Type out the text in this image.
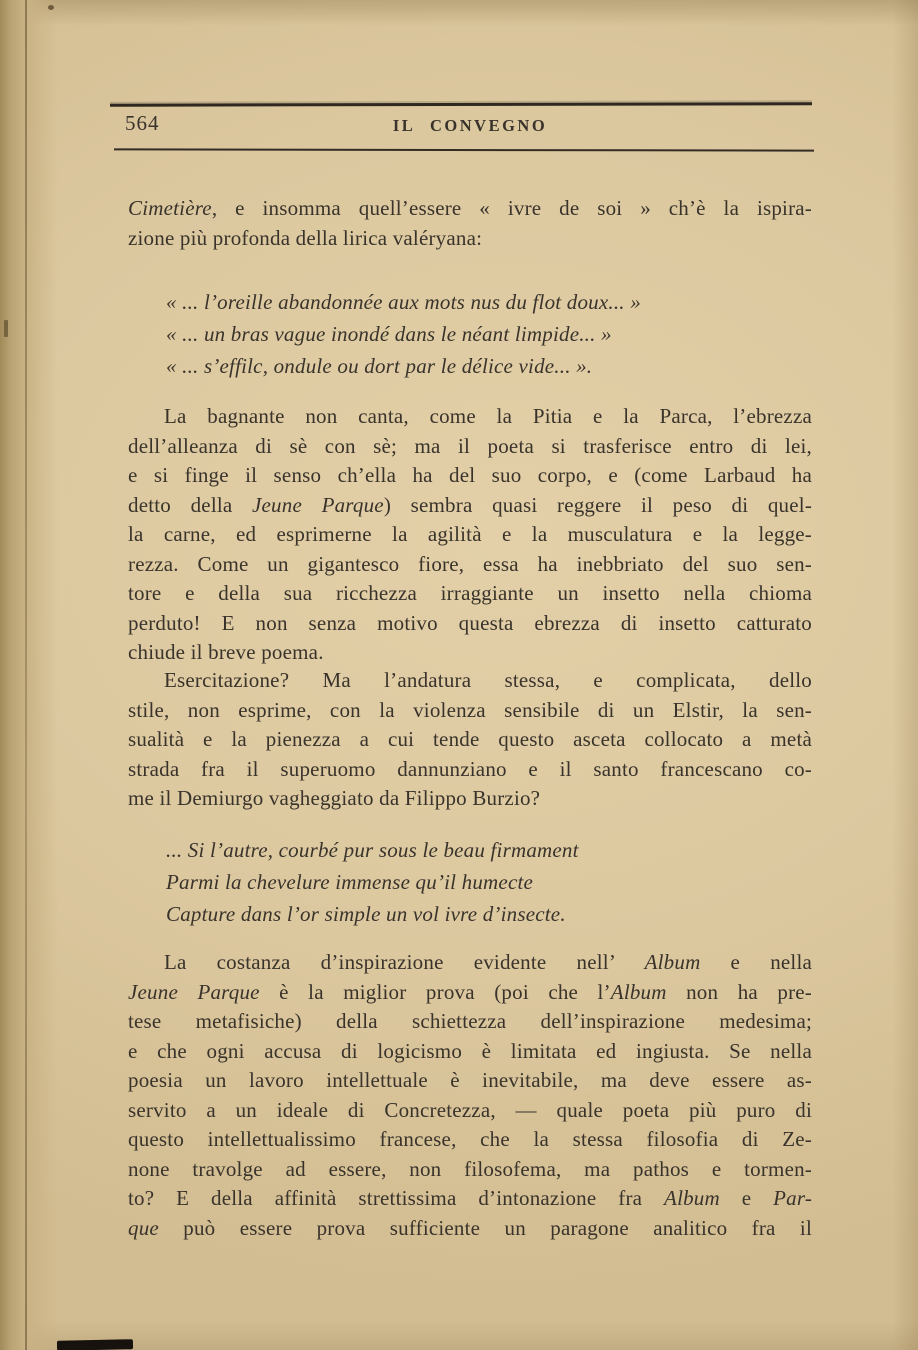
564	IL CONVEGNO
Cimetière, e insomma quell’essere « ivre de soi » ch’è la ispira-
zione più profonda della lirica valéryana:
« ... l’oreille abandonnée aux mots nus du flot doux... »
« ... un bras vague inondé dans le néant limpide... »
« ... s’effilc, ondule ou dort par le délice vide... ».
La bagnante non canta, come la Pitia e la Parca, l’ebrezza
dell’alleanza di sè con sè; ma il poeta si trasferisce entro di lei,
e si finge il senso ch’ella ha del suo corpo, e (come Larbaud ha
detto della Jeune Parque) sembra quasi reggere il peso di quel-
la carne, ed esprimerne la agilità e la musculatura e la legge-
rezza. Come un gigantesco fiore, essa ha inebbriato del suo sen-
tore e della sua ricchezza irraggiante un insetto nella chioma
perduto! E non senza motivo questa ebrezza di insetto catturato
chiude il breve poema.
Esercitazione? Ma l’andatura stessa, e complicata, dello
stile, non esprime, con la violenza sensibile di un Elstir, la sen-
sualità e la pienezza a cui tende questo asceta collocato a metà
strada fra il superuomo dannunziano e il santo francescano co-
me il Demiurgo vagheggiato da Filippo Burzio?
... Si l’autre, courbé pur sous le beau firmament
Parmi la chevelure immense qu’il humecte
Capture dans l’or simple un vol ivre d’insecte.
La costanza d’inspirazione evidente nell’ Album e nella
Jeune Parque è la miglior prova (poi che l’Album non ha pre-
tese metafisiche) della schiettezza dell’inspirazione medesima;
e che ogni accusa di logicismo è limitata ed ingiusta. Se nella
poesia un lavoro intellettuale è inevitabile, ma deve essere as-
servito a un ideale di Concretezza, — quale poeta più puro di
questo intellettualissimo francese, che la stessa filosofia di Ze-
none travolge ad essere, non filosofema, ma pathos e tormen-
to? E della affinità strettissima d’intonazione fra Album e Par-
que può essere prova sufficiente un paragone analitico fra il
